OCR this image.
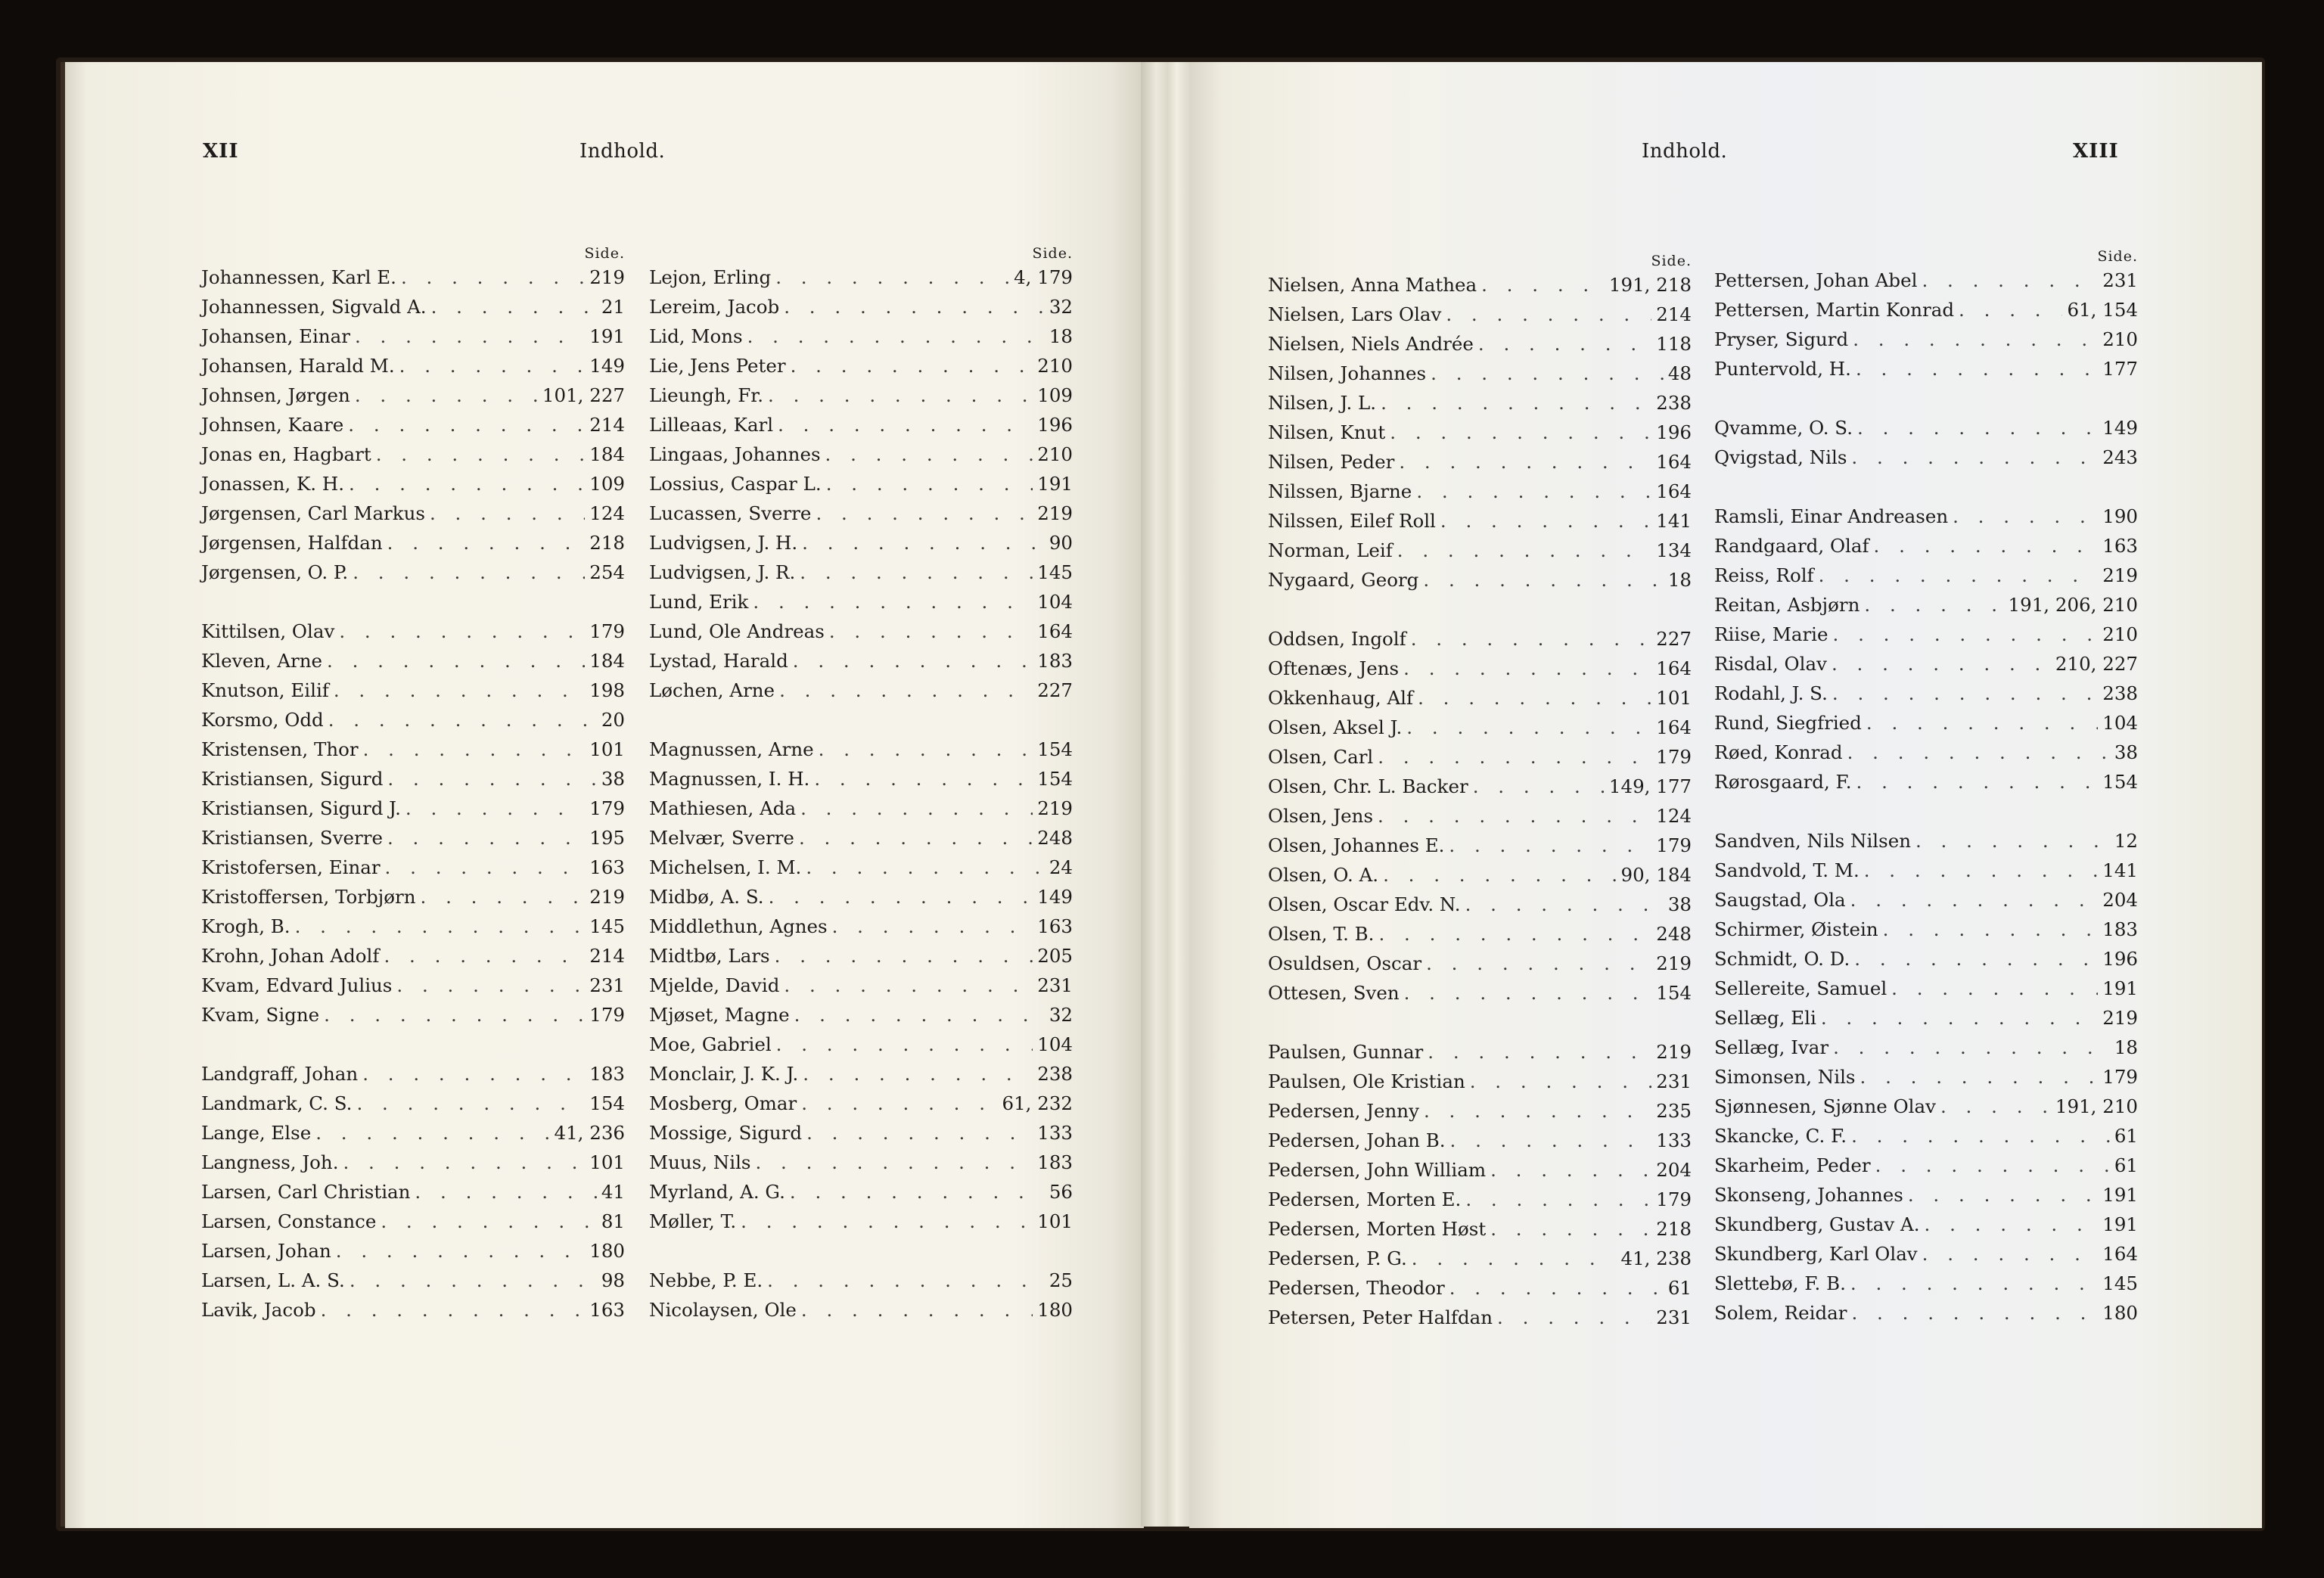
XII	Indhold.
Side.
Johannessen, Karl E. . . .	219
Johannessen, Sigvald A. . . .	21
Johansen, Einar . . .	191
Johansen, Harald M. . . .	149
Johnsen, Jørgen . . .	101, 227
Johnsen, Kaare . . .	214
Jonas en, Hagbart . . .	184
Jonassen, K. H. . . .	109
Jørgensen, Carl Markus . . .	124
Jørgensen, Halfdan . . .	218
Jørgensen, O. P. . . .	254
Kittilsen, Olav . . .	179
Kleven, Arne . . .	184
Knutson, Eilif . . .	198
Korsmo, Odd . . .	20
Kristensen, Thor . . .	101
Kristiansen, Sigurd . . .	38
Kristiansen, Sigurd J. . . .	179
Kristiansen, Sverre . . .	195
Kristofersen, Einar . . .	163
Kristoffersen, Torbjørn . . .	219
Krogh, B. . . .	145
Krohn, Johan Adolf . . .	214
Kvam, Edvard Julius . . .	231
Kvam, Signe . . .	179
Landgraff, Johan . . .	183
Landmark, C. S. . . .	154
Lange, Else . . .	41, 236
Langness, Joh. . . .	101
Larsen, Carl Christian . . .	41
Larsen, Constance . . .	81
Larsen, Johan . . .	180
Larsen, L. A. S. . . .	98
Lavik, Jacob . . .	163
Side.
Lejon, Erling . . .	4, 179
Lereim, Jacob . . .	32
Lid, Mons . . .	18
Lie, Jens Peter . . .	210
Lieungh, Fr. . . .	109
Lilleaas, Karl . . .	196
Lingaas, Johannes . . .	210
Lossius, Caspar L. . . .	191
Lucassen, Sverre . . .	219
Ludvigsen, J. H. . . .	90
Ludvigsen, J. R. . . .	145
Lund, Erik . . .	104
Lund, Ole Andreas . . .	164
Lystad, Harald . . .	183
Løchen, Arne . . .	227
Magnussen, Arne . . .	154
Magnussen, I. H. . . .	154
Mathiesen, Ada . . .	219
Melvær, Sverre . . .	248
Michelsen, I. M. . . .	24
Midbø, A. S. . . .	149
Middlethun, Agnes . . .	163
Midtbø, Lars . . .	205
Mjelde, David . . .	231
Mjøset, Magne . . .	32
Moe, Gabriel . . .	104
Monclair, J. K. J. . . .	238
Mosberg, Omar . . .	61, 232
Mossige, Sigurd . . .	133
Muus, Nils . . .	183
Myrland, A. G. . . .	56
Møller, T. . . .	101
Nebbe, P. E. . . .	25
Nicolaysen, Ole . . .	180
Indhold.	XIII
Side.
Nielsen, Anna Mathea . . .	191, 218
Nielsen, Lars Olav . . .	214
Nielsen, Niels Andrée . . .	118
Nilsen, Johannes . . .	48
Nilsen, J. L. . . .	238
Nilsen, Knut . . .	196
Nilsen, Peder . . .	164
Nilssen, Bjarne . . .	164
Nilssen, Eilef Roll . . .	141
Norman, Leif . . .	134
Nygaard, Georg . . .	18
Oddsen, Ingolf . . .	227
Oftenæs, Jens . . .	164
Okkenhaug, Alf . . .	101
Olsen, Aksel J. . . .	164
Olsen, Carl . . .	179
Olsen, Chr. L. Backer . . .	149, 177
Olsen, Jens . . .	124
Olsen, Johannes E. . . .	179
Olsen, O. A. . . .	90, 184
Olsen, Oscar Edv. N. . . .	38
Olsen, T. B. . . .	248
Osuldsen, Oscar . . .	219
Ottesen, Sven . . .	154
Paulsen, Gunnar . . .	219
Paulsen, Ole Kristian . . .	231
Pedersen, Jenny . . .	235
Pedersen, Johan B. . . .	133
Pedersen, John William . . .	204
Pedersen, Morten E. . . .	179
Pedersen, Morten Høst . . .	218
Pedersen, P. G. . . .	41, 238
Pedersen, Theodor . . .	61
Petersen, Peter Halfdan . . .	231
Side.
Pettersen, Johan Abel . . .	231
Pettersen, Martin Konrad . . .	61, 154
Pryser, Sigurd . . .	210
Puntervold, H. . . .	177
Qvamme, O. S. . . .	149
Qvigstad, Nils . . .	243
Ramsli, Einar Andreasen . . .	190
Randgaard, Olaf . . .	163
Reiss, Rolf . . .	219
Reitan, Asbjørn . . .	191, 206, 210
Riise, Marie . . .	210
Risdal, Olav . . .	210, 227
Rodahl, J. S. . . .	238
Rund, Siegfried . . .	104
Røed, Konrad . . .	38
Rørosgaard, F. . . .	154
Sandven, Nils Nilsen . . .	12
Sandvold, T. M. . . .	141
Saugstad, Ola . . .	204
Schirmer, Øistein . . .	183
Schmidt, O. D. . . .	196
Sellereite, Samuel . . .	191
Sellæg, Eli . . .	219
Sellæg, Ivar . . .	18
Simonsen, Nils . . .	179
Sjønnesen, Sjønne Olav . . .	191, 210
Skancke, C. F. . . .	61
Skarheim, Peder . . .	61
Skonseng, Johannes . . .	191
Skundberg, Gustav A. . . .	191
Skundberg, Karl Olav . . .	164
Slettebø, F. B. . . .	145
Solem, Reidar . . .	180
